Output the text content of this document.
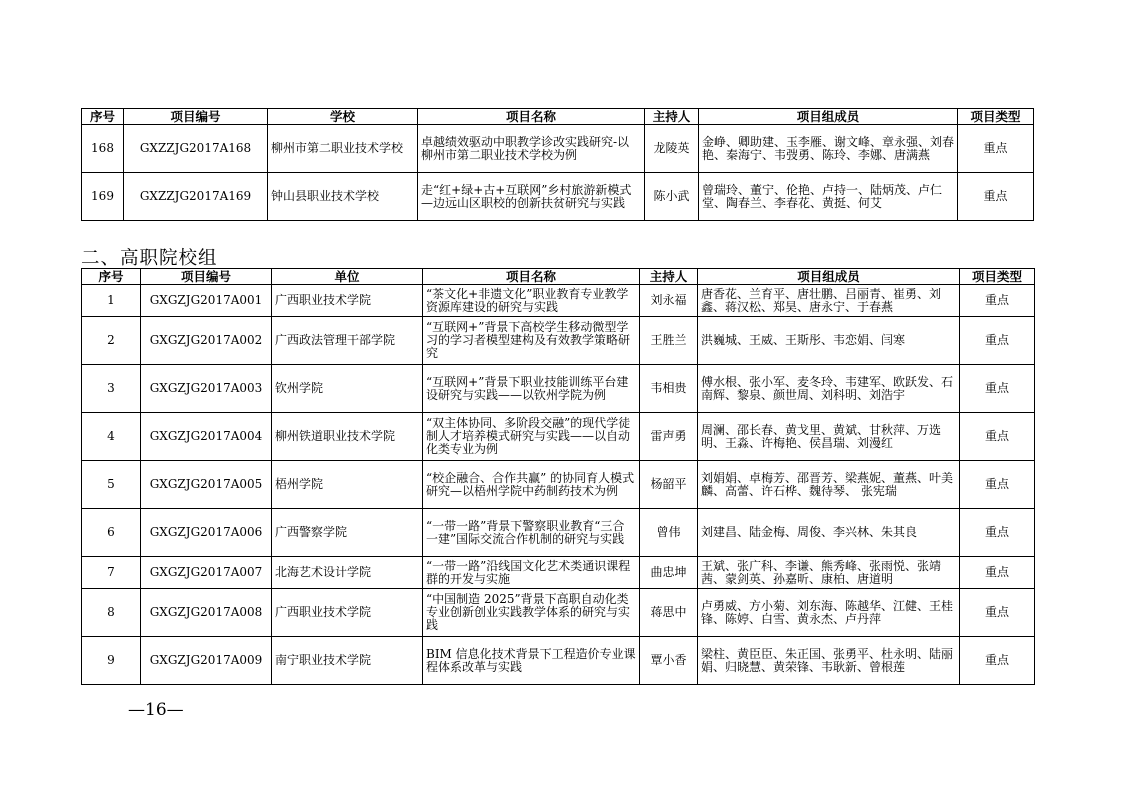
序号	项目编号	学校	项目名称	主持人	项目组成员	项目类型
168	GXZZJG2017A168	柳州市第二职业技术学校	卓越绩效驱动中职教学诊改实践研究-以柳州市第二职业技术学校为例	龙陵英	金峥、卿助建、玉李雁、谢文峰、章永强、刘春艳、秦海宁、韦弢勇、陈玲、李娜、唐满燕	重点
169	GXZZJG2017A169	钟山县职业技术学校	走“红+绿+古+互联网”乡村旅游新模式—边远山区职校的创新扶贫研究与实践	陈小武	曾瑞玲、董宁、伦艳、卢持一、陆炳茂、卢仁堂、陶春兰、李春花、黄挺、何艾	重点
二、高职院校组
序号	项目编号	单位	项目名称	主持人	项目组成员	项目类型
1	GXGZJG2017A001	广西职业技术学院	“茶文化+非遗文化”职业教育专业教学资源库建设的研究与实践	刘永福	唐香花、兰育平、唐壮鹏、吕丽青、崔勇、刘鑫、蒋汉松、郑昊、唐永宁、于春燕	重点
2	GXGZJG2017A002	广西政法管理干部学院	“互联网+”背景下高校学生移动微型学习的学习者模型建构及有效教学策略研究	王胜兰	洪巍城、王威、王斯彤、韦恋娟、闫寒	重点
3	GXGZJG2017A003	钦州学院	“互联网+”背景下职业技能训练平台建设研究与实践——以钦州学院为例	韦相贵	傅水根、张小军、麦冬玲、韦建军、欧跃发、石南辉、黎泉、颜世周、刘科明、刘浩宇	重点
4	GXGZJG2017A004	柳州铁道职业技术学院	“双主体协同、多阶段交融”的现代学徒制人才培养模式研究与实践——以自动化类专业为例	雷声勇	周澜、邵长春、黄戈里、黄斌、甘秋萍、万选明、王淼、许梅艳、侯昌瑞、刘漫红	重点
5	GXGZJG2017A005	梧州学院	“校企融合、合作共赢” 的协同育人模式研究—以梧州学院中药制药技术为例	杨韶平	刘娟娟、卓梅芳、邵晋芳、梁燕妮、董燕、叶美麟、高蕾、许石桦、魏待琴、 张宪瑞	重点
6	GXGZJG2017A006	广西警察学院	“一带一路”背景下警察职业教育“三合一建”国际交流合作机制的研究与实践	曾伟	刘建昌、陆金梅、周俊、李兴林、朱其良	重点
7	GXGZJG2017A007	北海艺术设计学院	“一带一路”沿线国文化艺术类通识课程群的开发与实施	曲忠坤	王斌、张广科、李谦、熊秀峰、张雨悦、张靖茜、蒙剑英、孙嘉昕、康柏、唐道明	重点
8	GXGZJG2017A008	广西职业技术学院	“中国制造 2025”背景下高职自动化类专业创新创业实践教学体系的研究与实践	蒋思中	卢勇威、方小菊、刘东海、陈越华、江健、王桂锋、陈婷、白雪、黄永杰、卢丹萍	重点
9	GXGZJG2017A009	南宁职业技术学院	BIM 信息化技术背景下工程造价专业课程体系改革与实践	覃小香	梁柱、黄臣臣、朱正国、张勇平、杜永明、陆丽娟、归晓慧、黄荣锋、韦耿新、曾根莲	重点
—16—
